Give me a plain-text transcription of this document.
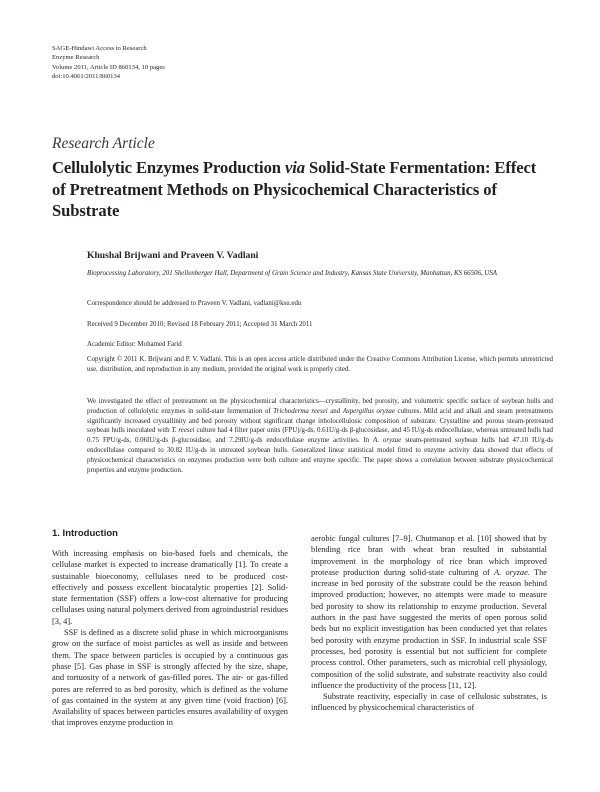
SAGE-Hindawi Access to Research
Enzyme Research
Volume 2011, Article ID 860134, 10 pages
doi:10.4061/2011/860134
Research Article
Cellulolytic Enzymes Production via Solid-State Fermentation: Effect of Pretreatment Methods on Physicochemical Characteristics of Substrate
Khushal Brijwani and Praveen V. Vadlani
Bioprocessing Laboratory, 201 Shellenberger Hall, Department of Grain Science and Industry, Kansas State University, Manhattan, KS 66506, USA
Correspondence should be addressed to Praveen V. Vadlani, vadlani@ksu.edu
Received 9 December 2010; Revised 18 February 2011; Accepted 31 March 2011
Academic Editor: Mohamed Farid
Copyright © 2011 K. Brijwani and P. V. Vadlani. This is an open access article distributed under the Creative Commons Attribution License, which permits unrestricted use, distribution, and reproduction in any medium, provided the original work is properly cited.
We investigated the effect of pretreatment on the physicochemical characteristics—crystallinity, bed porosity, and volumetric specific surface of soybean hulls and production of cellulolytic enzymes in solid-state fermentation of Trichoderma reesei and Aspergillus oryzae cultures. Mild acid and alkali and steam pretreatments significantly increased crystallinity and bed porosity without significant change inholocellulosic composition of substrate. Crystalline and porous steam-pretreated soybean hulls inoculated with T. reesei culture had 4 filter paper units (FPU)/g-ds, 0.61U/g-ds β-glucosidase, and 45 IU/g-ds endocellulase, whereas untreated hulls had 0.75 FPU/g-ds, 0.06IU/g-ds β-glucosidase, and 7.29IU/g-ds endocellulase enzyme activities. In A. oryzae steam-pretreated soybean hulls had 47.10 IU/g-ds endocellulase compared to 30.82 IU/g-ds in untreated soybean hulls. Generalized linear statistical model fitted to enzyme activity data showed that effects of physicochemical characteristics on enzymes production were both culture and enzyme specific. The paper shows a correlation between substrate physicochemical properties and enzyme production.
1. Introduction

With increasing emphasis on bio-based fuels and chemicals, the cellulase market is expected to increase dramatically [1]. To create a sustainable bioeconomy, cellulases need to be produced cost-effectively and possess excellent biocatalytic properties [2]. Solid-state fermentation (SSF) offers a low-cost alternative for producing cellulases using natural polymers derived from agroindustrial residues [3, 4].

SSF is defined as a discrete solid phase in which microorganisms grow on the surface of moist particles as well as inside and between them. The space between particles is occupied by a continuous gas phase [5]. Gas phase in SSF is strongly affected by the size, shape, and tortuosity of a network of gas-filled pores. The air- or gas-filled pores are referred to as bed porosity, which is defined as the volume of gas contained in the system at any given time (void fraction) [6]. Availability of spaces between particles ensures availability of oxygen that improves enzyme production in

aerobic fungal cultures [7–9]. Chutmanop et al. [10] showed that by blending rice bran with wheat bran resulted in substantial improvement in the morphology of rice bran which improved protease production during solid-state culturing of A. oryzae. The increase in bed porosity of the substrate could be the reason behind improved production; however, no attempts were made to measure bed porosity to show its relationship to enzyme production. Several authors in the past have suggested the merits of open porous solid beds but no explicit investigation has been conducted yet that relates bed porosity with enzyme production in SSF. In industrial scale SSF processes, bed porosity is essential but not sufficient for complete process control. Other parameters, such as microbial cell physiology, composition of the solid substrate, and substrate reactivity also could influence the productivity of the process [11, 12].

Substrate reactivity, especially in case of cellulosic substrates, is influenced by physicochemical characteristics of
